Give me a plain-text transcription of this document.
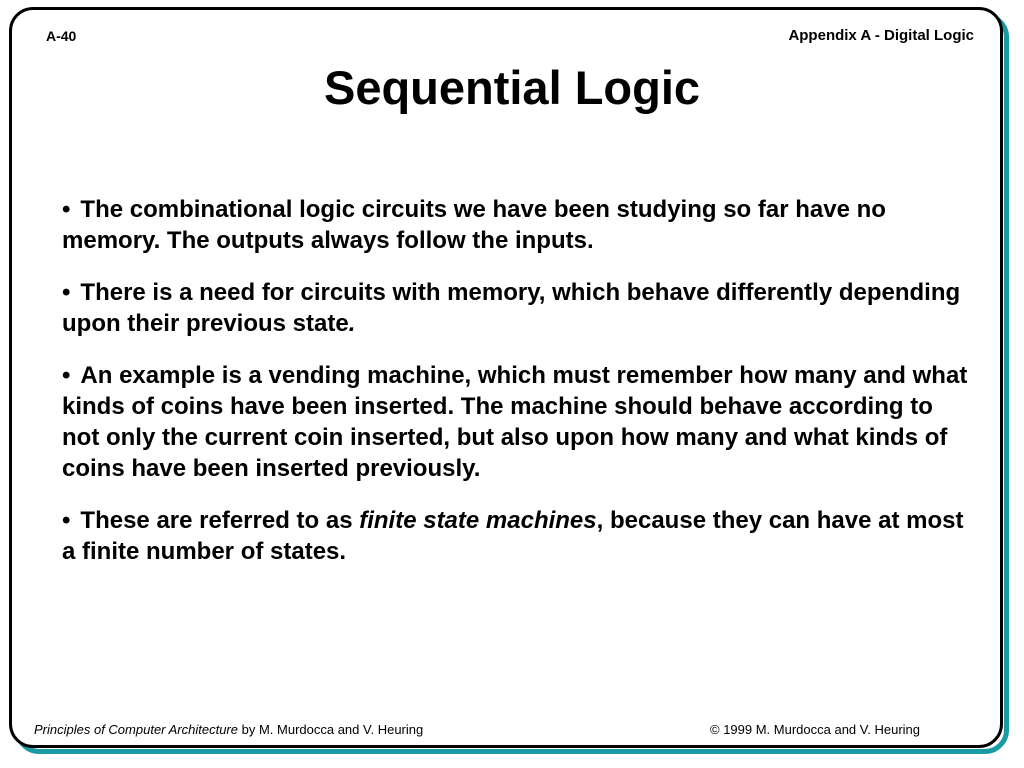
A-40	Appendix A - Digital Logic
Sequential Logic

• The combinational logic circuits we have been studying so far have no memory. The outputs always follow the inputs.

• There is a need for circuits with memory, which behave differently depending upon their previous state.

• An example is a vending machine, which must remember how many and what kinds of coins have been inserted. The machine should behave according to not only the current coin inserted, but also upon how many and what kinds of coins have been inserted previously.

• These are referred to as finite state machines, because they can have at most a finite number of states.

Principles of Computer Architecture by M. Murdocca and V. Heuring	© 1999 M. Murdocca and V. Heuring
